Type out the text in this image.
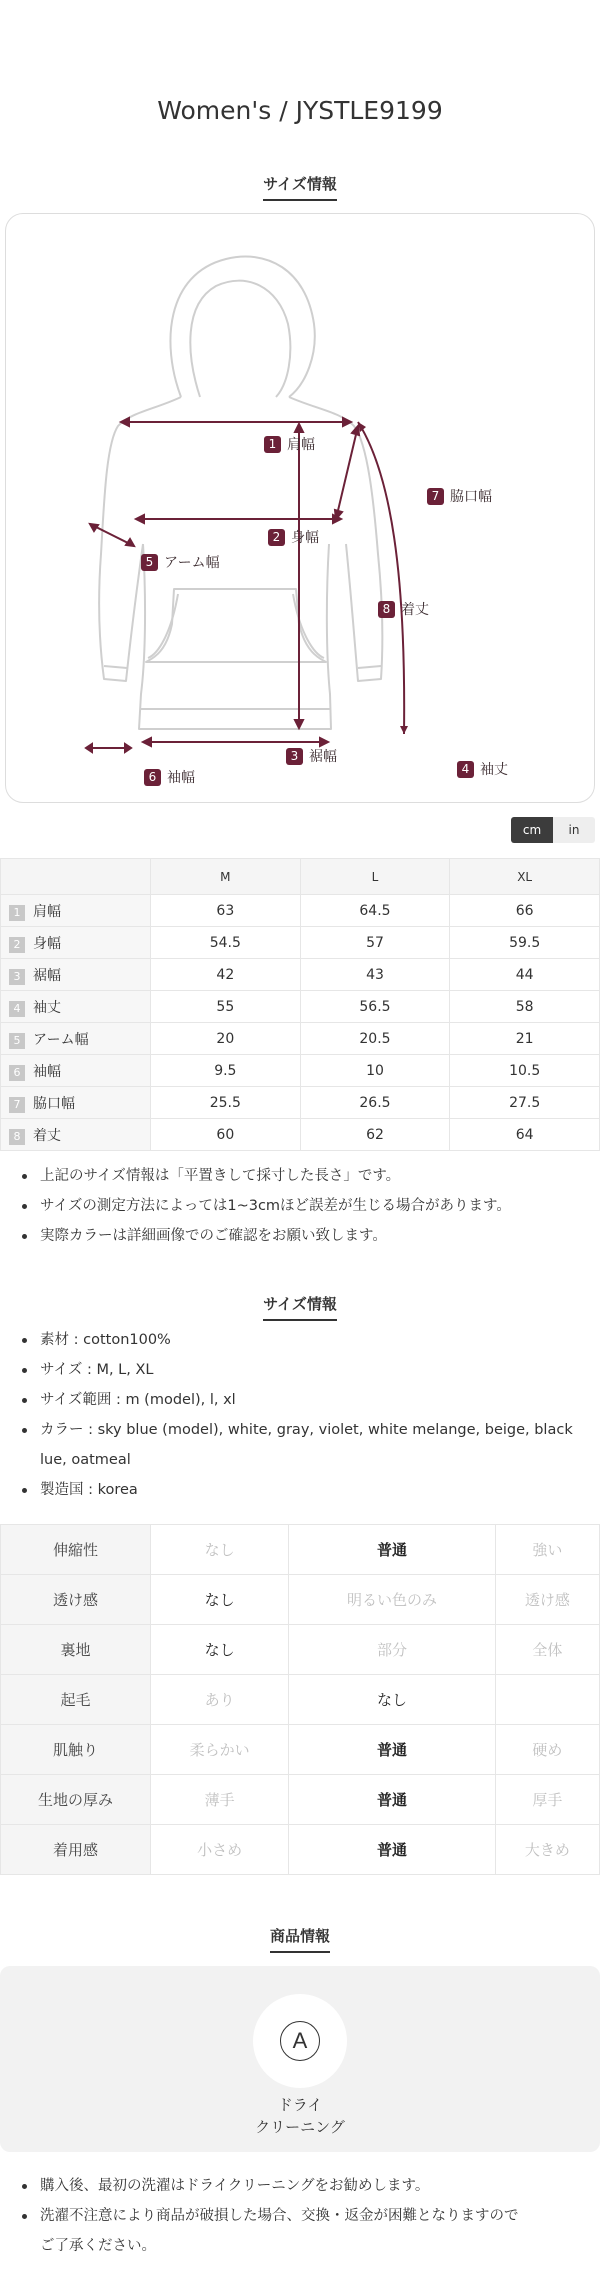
Women's / JYSTLE9199
サイズ情報
1 肩幅
2 身幅
3 裾幅
4 袖丈
5 アーム幅
6 袖幅
7 脇口幅
8 着丈
cm	in
	M	L	XL
1 肩幅	63	64.5	66
2 身幅	54.5	57	59.5
3 裾幅	42	43	44
4 袖丈	55	56.5	58
5 アーム幅	20	20.5	21
6 袖幅	9.5	10	10.5
7 脇口幅	25.5	26.5	27.5
8 着丈	60	62	64
上記のサイズ情報は「平置きして採寸した長さ」です。
サイズの測定方法によっては1~3cmほど誤差が生じる場合があります。
実際カラーは詳細画像でのご確認をお願い致します。
サイズ情報
素材 : cotton100%
サイズ : M, L, XL
サイズ範囲 : m (model), l, xl
カラー : sky blue (model), white, gray, violet, white melange, beige, black
lue, oatmeal
製造国 : korea
伸縮性	なし	普通	強い
透け感	なし	明るい色のみ	透け感
裏地	なし	部分	全体
起毛	あり	なし	
肌触り	柔らかい	普通	硬め
生地の厚み	薄手	普通	厚手
着用感	小さめ	普通	大きめ
商品情報
A
ドライ
クリーニング
購入後、最初の洗濯はドライクリーニングをお勧めします。
洗濯不注意により商品が破損した場合、交換・返金が困難となりますので
ご了承ください。
